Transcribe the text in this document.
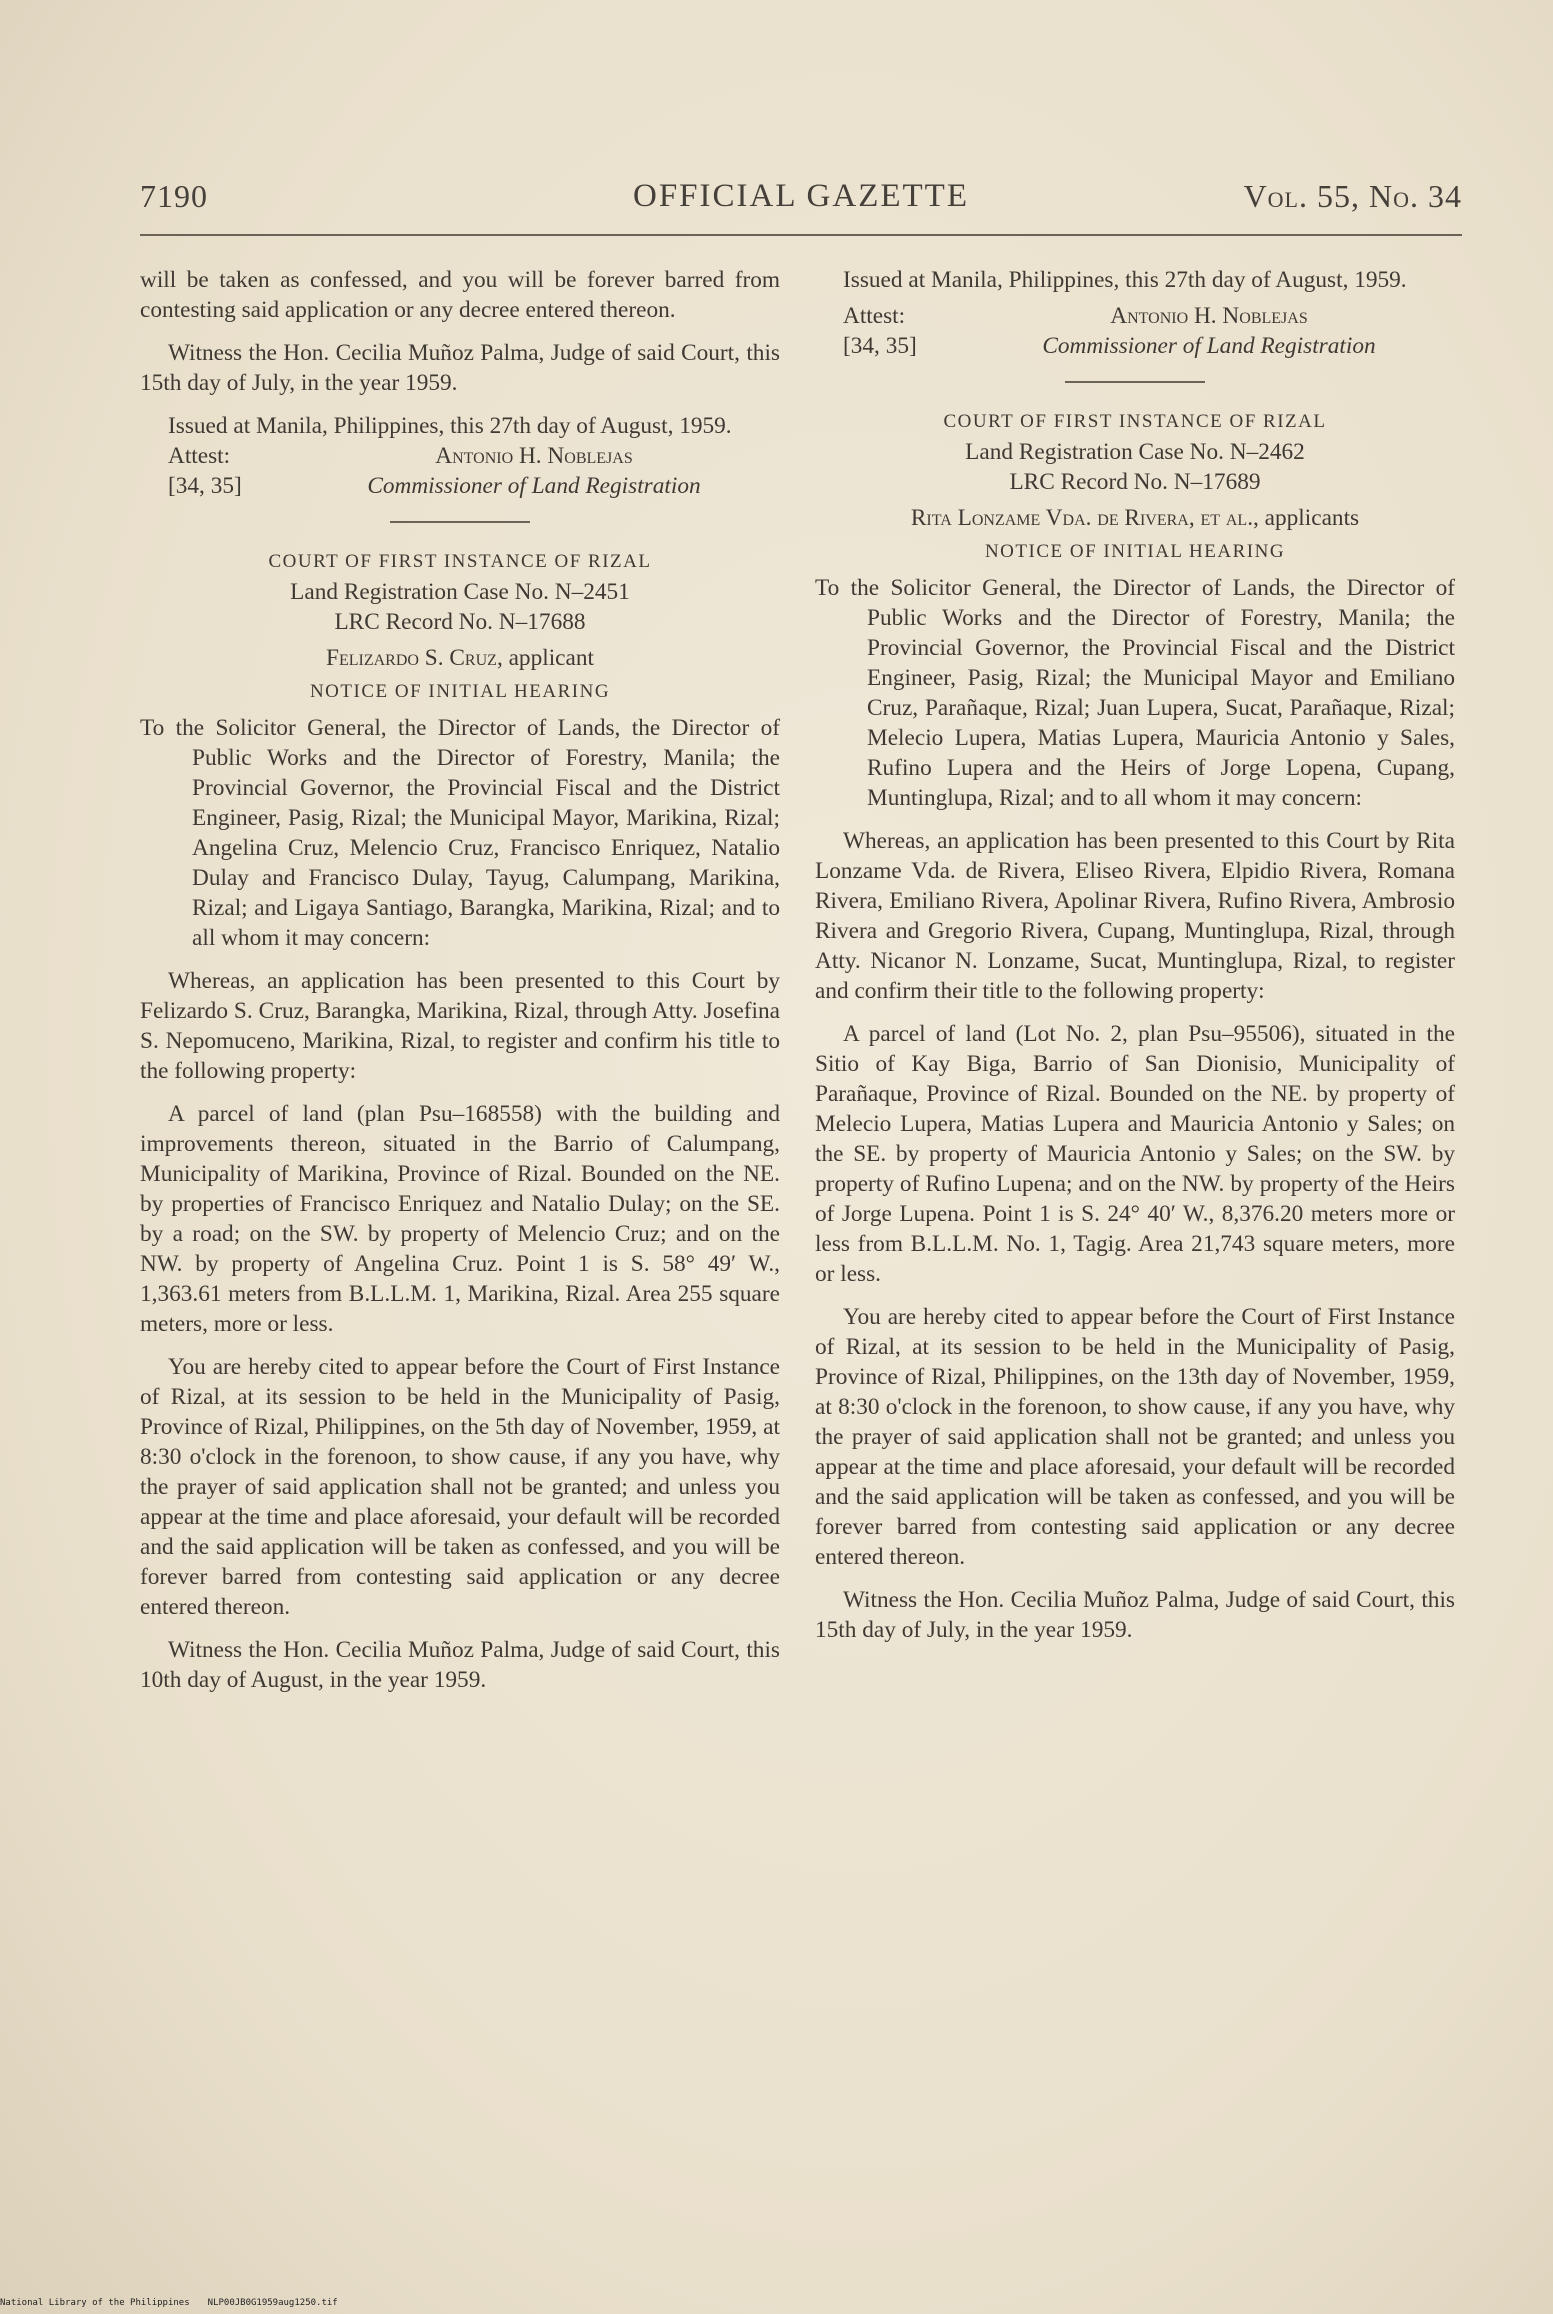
7190	OFFICIAL GAZETTE	Vol. 55, No. 34

will be taken as confessed, and you will be forever barred from contesting said application or any decree entered thereon.

Witness the Hon. Cecilia Muñoz Palma, Judge of said Court, this 15th day of July, in the year 1959.

Issued at Manila, Philippines, this 27th day of August, 1959.

Attest:	Antonio H. Noblejas
[34, 35]	Commissioner of Land Registration

COURT OF FIRST INSTANCE OF RIZAL

Land Registration Case No. N–2451

LRC Record No. N–17688

Felizardo S. Cruz, applicant

NOTICE OF INITIAL HEARING

To the Solicitor General, the Director of Lands, the Director of Public Works and the Director of Forestry, Manila; the Provincial Governor, the Provincial Fiscal and the District Engineer, Pasig, Rizal; the Municipal Mayor, Marikina, Rizal; Angelina Cruz, Melencio Cruz, Francisco Enriquez, Natalio Dulay and Francisco Dulay, Tayug, Calumpang, Marikina, Rizal; and Ligaya Santiago, Barangka, Marikina, Rizal; and to all whom it may concern:

Whereas, an application has been presented to this Court by Felizardo S. Cruz, Barangka, Marikina, Rizal, through Atty. Josefina S. Nepomuceno, Marikina, Rizal, to register and confirm his title to the following property:

A parcel of land (plan Psu–168558) with the building and improvements thereon, situated in the Barrio of Calumpang, Municipality of Marikina, Province of Rizal. Bounded on the NE. by properties of Francisco Enriquez and Natalio Dulay; on the SE. by a road; on the SW. by property of Melencio Cruz; and on the NW. by property of Angelina Cruz. Point 1 is S. 58° 49′ W., 1,363.61 meters from B.L.L.M. 1, Marikina, Rizal. Area 255 square meters, more or less.

You are hereby cited to appear before the Court of First Instance of Rizal, at its session to be held in the Municipality of Pasig, Province of Rizal, Philippines, on the 5th day of November, 1959, at 8:30 o'clock in the forenoon, to show cause, if any you have, why the prayer of said application shall not be granted; and unless you appear at the time and place aforesaid, your default will be recorded and the said application will be taken as confessed, and you will be forever barred from contesting said application or any decree entered thereon.

Witness the Hon. Cecilia Muñoz Palma, Judge of said Court, this 10th day of August, in the year 1959.

Issued at Manila, Philippines, this 27th day of August, 1959.

Attest:	Antonio H. Noblejas
[34, 35]	Commissioner of Land Registration

COURT OF FIRST INSTANCE OF RIZAL

Land Registration Case No. N–2462

LRC Record No. N–17689

Rita Lonzame Vda. de Rivera, et al., applicants

NOTICE OF INITIAL HEARING

To the Solicitor General, the Director of Lands, the Director of Public Works and the Director of Forestry, Manila; the Provincial Governor, the Provincial Fiscal and the District Engineer, Pasig, Rizal; the Municipal Mayor and Emiliano Cruz, Parañaque, Rizal; Juan Lupera, Sucat, Parañaque, Rizal; Melecio Lupera, Matias Lupera, Mauricia Antonio y Sales, Rufino Lupera and the Heirs of Jorge Lopena, Cupang, Muntinglupa, Rizal; and to all whom it may concern:

Whereas, an application has been presented to this Court by Rita Lonzame Vda. de Rivera, Eliseo Rivera, Elpidio Rivera, Romana Rivera, Emiliano Rivera, Apolinar Rivera, Rufino Rivera, Ambrosio Rivera and Gregorio Rivera, Cupang, Muntinglupa, Rizal, through Atty. Nicanor N. Lonzame, Sucat, Muntinglupa, Rizal, to register and confirm their title to the following property:

A parcel of land (Lot No. 2, plan Psu–95506), situated in the Sitio of Kay Biga, Barrio of San Dionisio, Municipality of Parañaque, Province of Rizal. Bounded on the NE. by property of Melecio Lupera, Matias Lupera and Mauricia Antonio y Sales; on the SE. by property of Mauricia Antonio y Sales; on the SW. by property of Rufino Lupena; and on the NW. by property of the Heirs of Jorge Lupena. Point 1 is S. 24° 40′ W., 8,376.20 meters more or less from B.L.L.M. No. 1, Tagig. Area 21,743 square meters, more or less.

You are hereby cited to appear before the Court of First Instance of Rizal, at its session to be held in the Municipality of Pasig, Province of Rizal, Philippines, on the 13th day of November, 1959, at 8:30 o'clock in the forenoon, to show cause, if any you have, why the prayer of said application shall not be granted; and unless you appear at the time and place aforesaid, your default will be recorded and the said application will be taken as confessed, and you will be forever barred from contesting said application or any decree entered thereon.

Witness the Hon. Cecilia Muñoz Palma, Judge of said Court, this 15th day of July, in the year 1959.

National Library of the Philippines NLP00JB0G1959aug1250.tif
